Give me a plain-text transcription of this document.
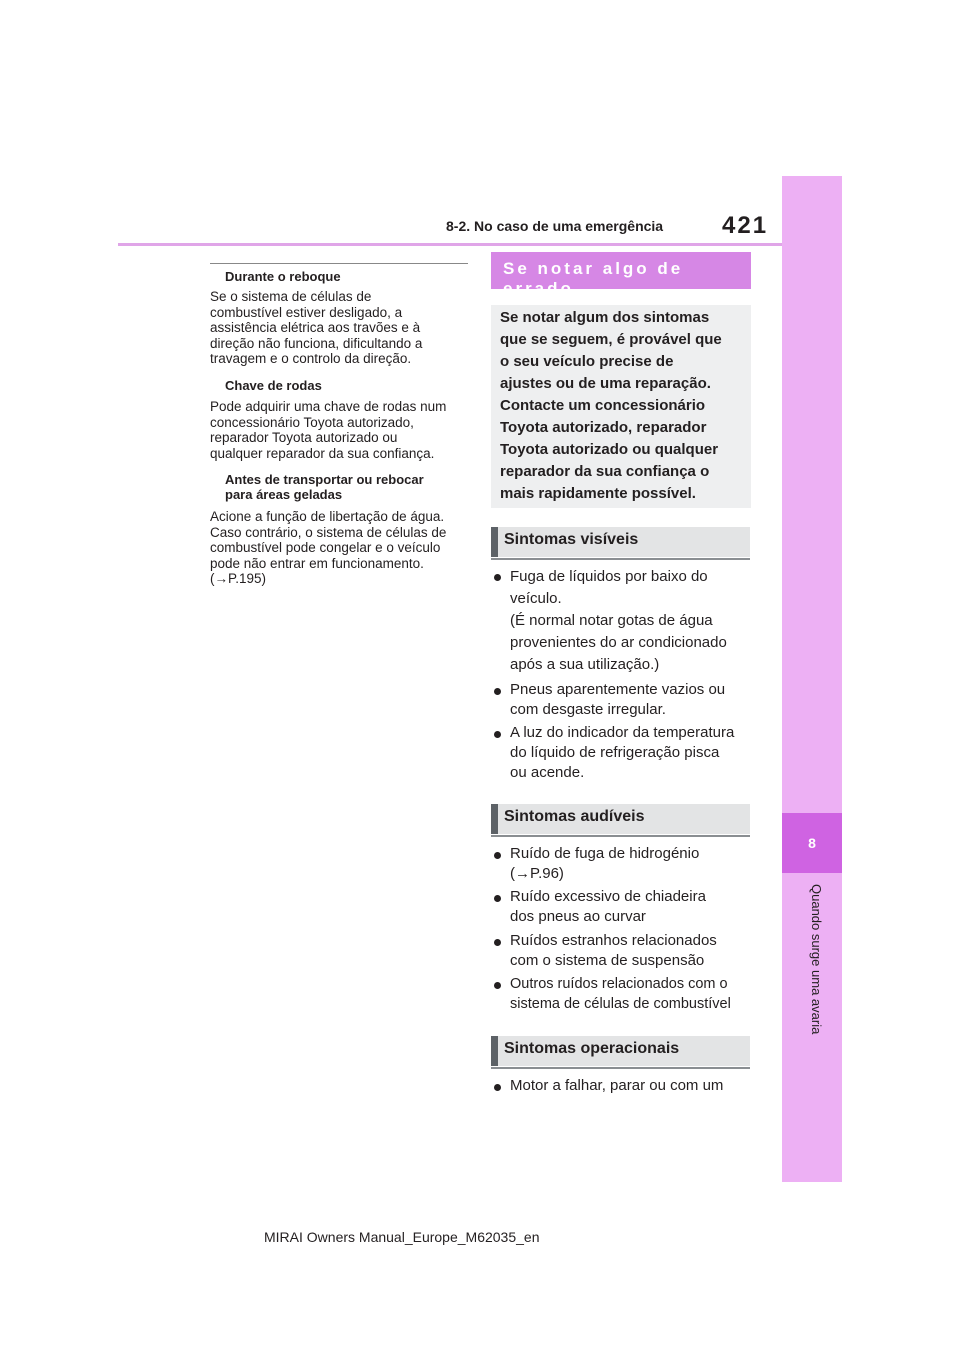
8-2. No caso de uma emergência 421
8
Quando surge uma avaria
Durante o reboque
Se o sistema de células de
combustível estiver desligado, a
assistência elétrica aos travões e à
direção não funciona, dificultando a
travagem e o controlo da direção.
Chave de rodas
Pode adquirir uma chave de rodas num
concessionário Toyota autorizado,
reparador Toyota autorizado ou
qualquer reparador da sua confiança.
Antes de transportar ou rebocar
para áreas geladas
Acione a função de libertação de água.
Caso contrário, o sistema de células de
combustível pode congelar e o veículo
pode não entrar em funcionamento.
(→P.195)
Se notar algo de errado
Se notar algum dos sintomas
que se seguem, é provável que
o seu veículo precise de
ajustes ou de uma reparação.
Contacte um concessionário
Toyota autorizado, reparador
Toyota autorizado ou qualquer
reparador da sua confiança o
mais rapidamente possível.
Sintomas visíveis
Fuga de líquidos por baixo do
veículo.
(É normal notar gotas de água
provenientes do ar condicionado
após a sua utilização.)
Pneus aparentemente vazios ou
com desgaste irregular.
A luz do indicador da temperatura
do líquido de refrigeração pisca
ou acende.
Sintomas audíveis
Ruído de fuga de hidrogénio
(→P.96)
Ruído excessivo de chiadeira
dos pneus ao curvar
Ruídos estranhos relacionados
com o sistema de suspensão
Outros ruídos relacionados com o
sistema de células de combustível
Sintomas operacionais
Motor a falhar, parar ou com um
MIRAI Owners Manual_Europe_M62035_en
